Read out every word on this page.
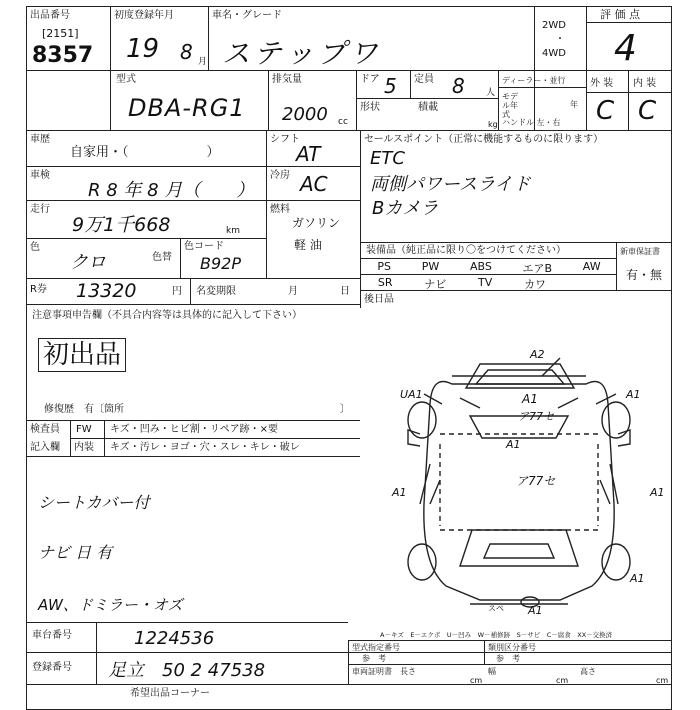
出品番号
[2151]
8357
初度登録年月
19 8 月
車名・グレード
ステップワ
2WD
・
4WD
評 価 点
4
型式
DBA-RG1
排気量
2000 cc
ドア 5 定員 8 人
形状	積載
kg
ディーラー・並行
モデル年式
年
ハンドル 左・右
外 装 内 装
C C
車歴
自家用・（　　　　　　）
シフト
AT
車検
R 8 年 8 月（　　）
冷房 AC
走行
9万1千668	km
燃料
ガソリン
軽 油
色
クロ	色替
色コード
B92P
セールスポイント（正常に機能するものに限ります）
ETC
両側パワースライド
Bカメラ
装備品（純正品に限り〇をつけてください）	新車保証書
有・無
PS	PW	ABS	エアB	AW
SR	ナビ	TV	カワ
後日品
R券 13320	円 名変期限	月	日
注意事項申告欄（不具合内容等は具体的に記入して下さい）
初出品
修復歴　有〔箇所	〕
検査員
記入欄
FW キズ・凹み・ヒビ割・リペア跡・×要
内装 キズ・汚レ・ヨゴ・穴・スレ・キレ・破レ
シートカバー付
ナビ 日 有
AW、ドミラー・オズ
A2
UA1	A1
A1
ア77セ
ア77セ
A1
A1	A1
A1
A1
スペ
A－キズ　E－エクボ　U－凹み　W－補修跡　S－サビ　C－腐食　XX－交換済
車台番号	1224536
登録番号 足立　50 2 47538
型式指定番号
参　考
類別区分番号
参　考
車両証明書 長さ	幅	高さ
cm	cm	cm
希望出品コーナー
